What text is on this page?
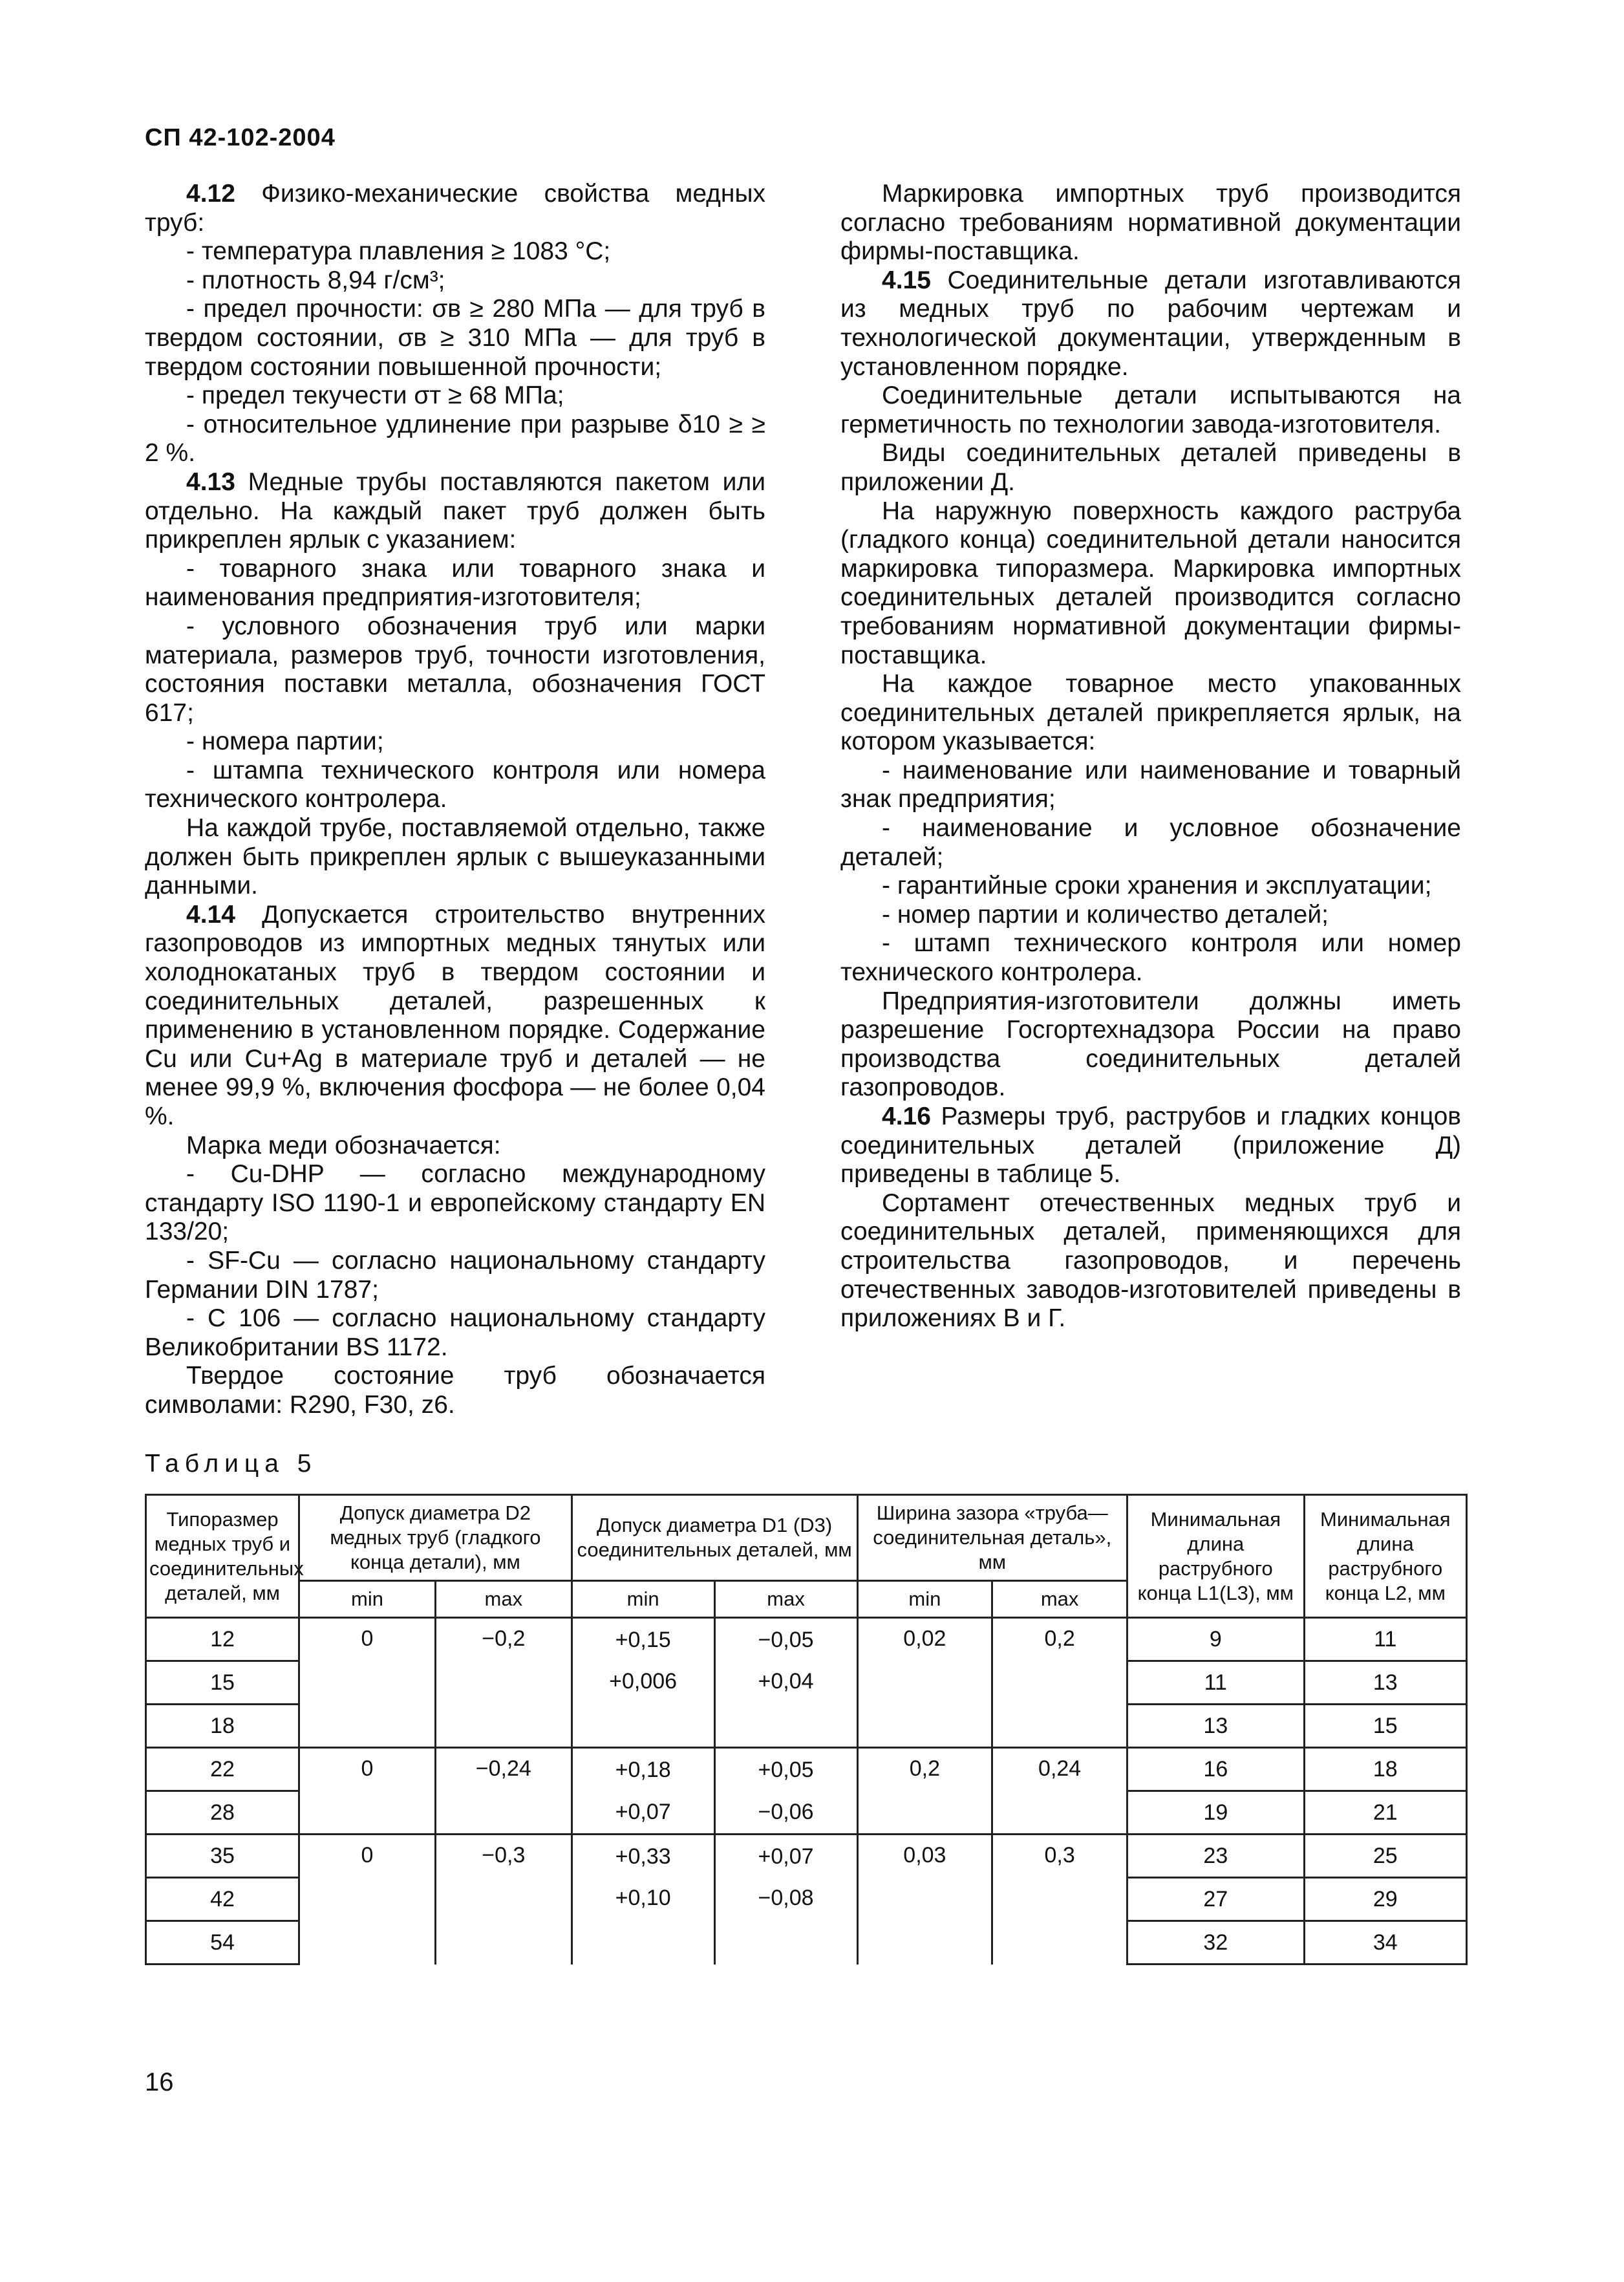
СП 42-102-2004

4.12 Физико-механические свойства медных труб:

- температура плавления ≥ 1083 °С;

- плотность 8,94 г/см³;

- предел прочности: σв ≥ 280 МПа — для труб в твердом состоянии, σв ≥ 310 МПа — для труб в твердом состоянии повышенной прочности;

- предел текучести σт ≥ 68 МПа;

- относительное удлинение при разрыве δ10 ≥ ≥ 2 %.

4.13 Медные трубы поставляются пакетом или отдельно. На каждый пакет труб должен быть прикреплен ярлык с указанием:

- товарного знака или товарного знака и наименования предприятия-изготовителя;

- условного обозначения труб или марки материала, размеров труб, точности изготовления, состояния поставки металла, обозначения ГОСТ 617;

- номера партии;

- штампа технического контроля или номера технического контролера.

На каждой трубе, поставляемой отдельно, также должен быть прикреплен ярлык с вышеуказанными данными.

4.14 Допускается строительство внутренних газопроводов из импортных медных тянутых или холоднокатаных труб в твердом состоянии и соединительных деталей, разрешенных к применению в установленном порядке. Содержание Cu или Cu+Ag в материале труб и деталей — не менее 99,9 %, включения фосфора — не более 0,04 %.

Марка меди обозначается:

- Cu-DHP — согласно международному стандарту ISO 1190-1 и европейскому стандарту EN 133/20;

- SF-Cu — согласно национальному стандарту Германии DIN 1787;

- С 106 — согласно национальному стандарту Великобритании BS 1172.

Твердое состояние труб обозначается символами: R290, F30, z6.

Маркировка импортных труб производится согласно требованиям нормативной документации фирмы-поставщика.

4.15 Соединительные детали изготавливаются из медных труб по рабочим чертежам и технологической документации, утвержденным в установленном порядке.

Соединительные детали испытываются на герметичность по технологии завода-изготовителя.

Виды соединительных деталей приведены в приложении Д.

На наружную поверхность каждого раструба (гладкого конца) соединительной детали наносится маркировка типоразмера. Маркировка импортных соединительных деталей производится согласно требованиям нормативной документации фирмы-поставщика.

На каждое товарное место упакованных соединительных деталей прикрепляется ярлык, на котором указывается:

- наименование или наименование и товарный знак предприятия;

- наименование и условное обозначение деталей;

- гарантийные сроки хранения и эксплуатации;

- номер партии и количество деталей;

- штамп технического контроля или номер технического контролера.

Предприятия-изготовители должны иметь разрешение Госгортехнадзора России на право производства соединительных деталей газопроводов.

4.16 Размеры труб, раструбов и гладких концов соединительных деталей (приложение Д) приведены в таблице 5.

Сортамент отечественных медных труб и соединительных деталей, применяющихся для строительства газопроводов, и перечень отечественных заводов-изготовителей приведены в приложениях В и Г.

Таблица 5
Типоразмер медных труб и соединительных деталей, мм	Допуск диаметра D2 медных труб (гладкого конца детали), мм		Допуск диаметра D1 (D3) соединительных деталей, мм		Ширина зазора «труба—соединительная деталь», мм		Минимальная длина раструбного конца L1(L3), мм	Минимальная длина раструбного конца L2, мм
	min	max	min	max	min	max		
12	0	−0,2	+0,15	−0,05	0,02	0,2	9	11
15			+0,006	+0,04			11	13
18							13	15
22	0	−0,24	+0,18	+0,05	0,2	0,24	16	18
28			+0,07	−0,06			19	21
35	0	−0,3	+0,33	+0,07	0,03	0,3	23	25
42			+0,10	−0,08			27	29
54							32	34
16
